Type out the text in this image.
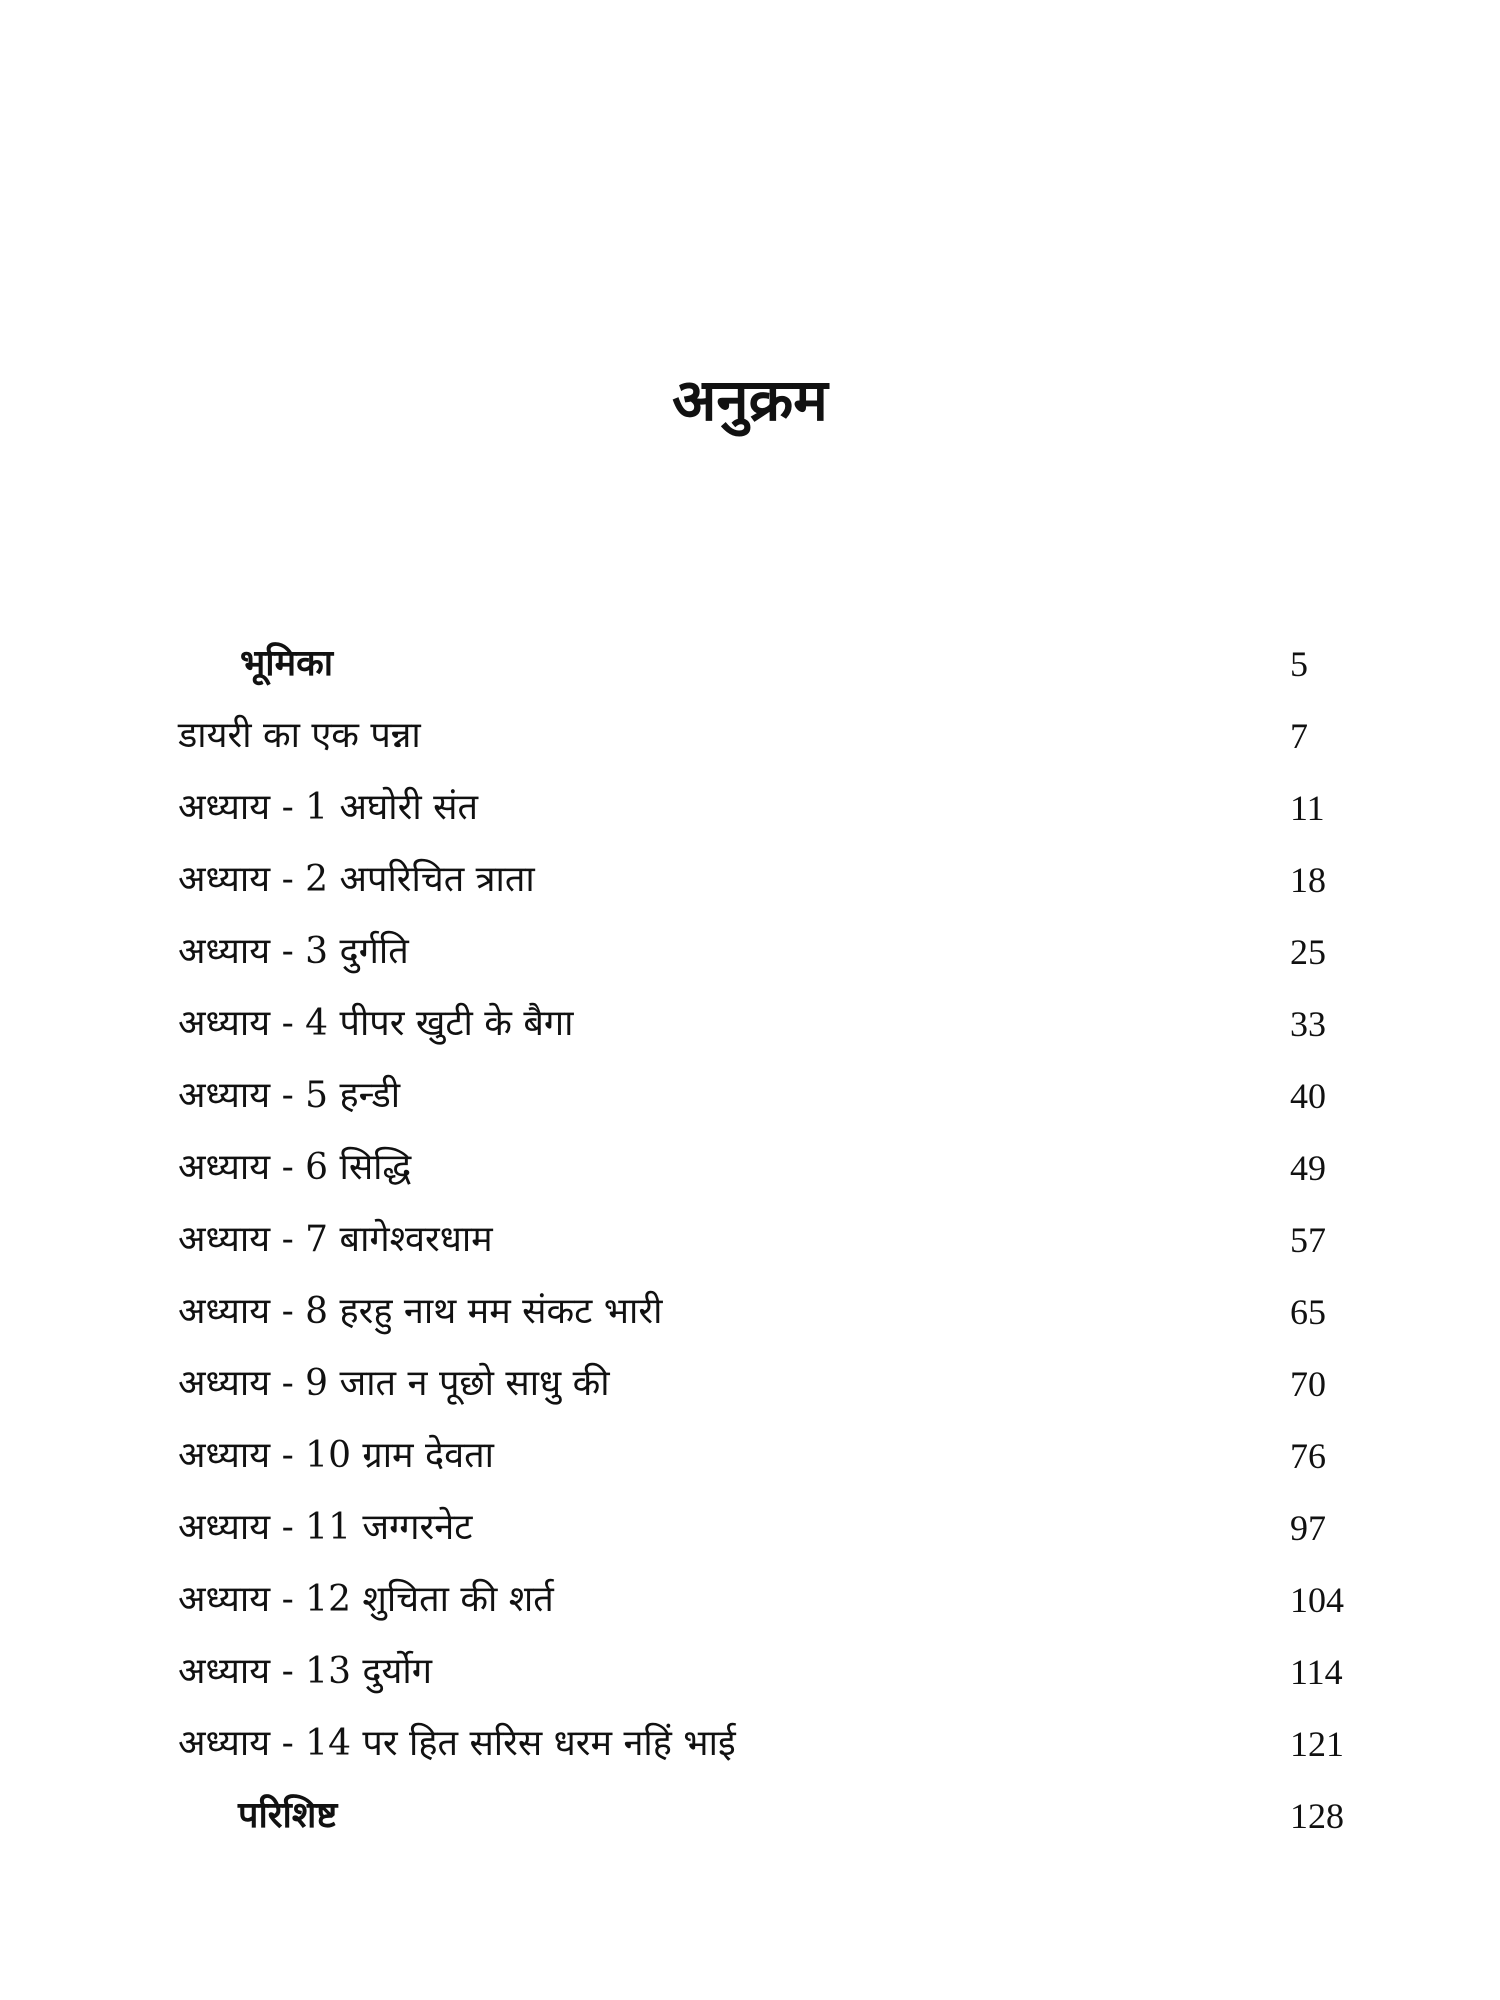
अनुक्रम
भूमिका	5
डायरी का एक पन्ना	7
अध्याय - 1 अघोरी संत	11
अध्याय - 2 अपरिचित त्राता	18
अध्याय - 3 दुर्गति	25
अध्याय - 4 पीपर खुटी के बैगा	33
अध्याय - 5 हन्डी	40
अध्याय - 6 सिद्धि	49
अध्याय - 7 बागेश्वरधाम	57
अध्याय - 8 हरहु नाथ मम संकट भारी	65
अध्याय - 9 जात न पूछो साधु की	70
अध्याय - 10 ग्राम देवता	76
अध्याय - 11 जग्गरनेट	97
अध्याय - 12 शुचिता की शर्त	104
अध्याय - 13 दुर्योग	114
अध्याय - 14 पर हित सरिस धरम नहिं भाई	121
परिशिष्ट	128
